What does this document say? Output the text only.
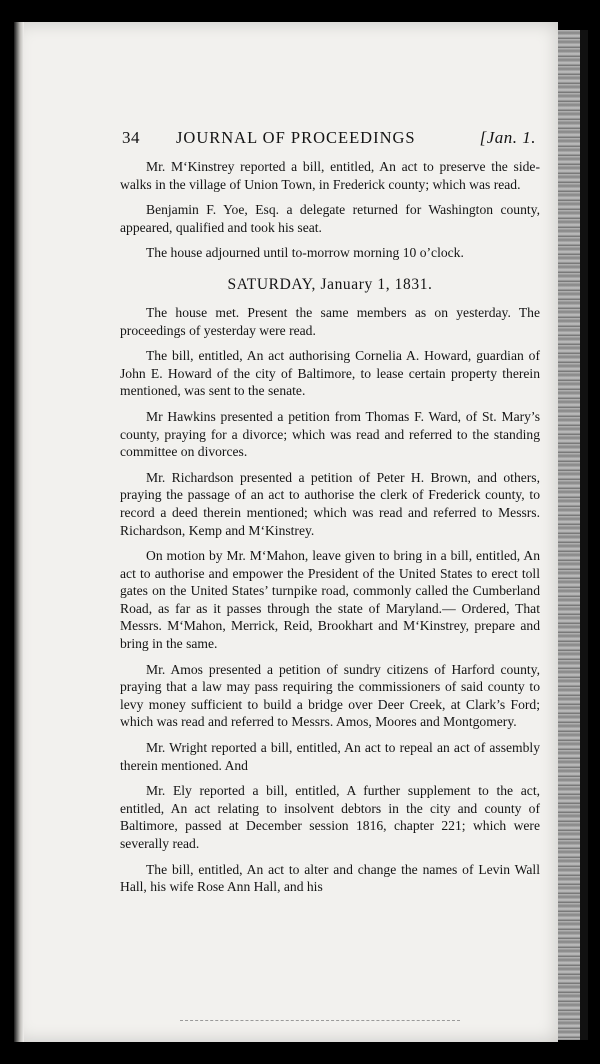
34 JOURNAL OF PROCEEDINGS	[Jan. 1.

Mr. M‘Kinstrey reported a bill, entitled, An act to preserve the side-walks in the village of Union Town, in Frederick county; which was read.

Benjamin F. Yoe, Esq. a delegate returned for Washington county, appeared, qualified and took his seat.

The house adjourned until to-morrow morning 10 o’clock.

SATURDAY, January 1, 1831.

The house met. Present the same members as on yesterday. The proceedings of yesterday were read.

The bill, entitled, An act authorising Cornelia A. Howard, guardian of John E. Howard of the city of Baltimore, to lease certain property therein mentioned, was sent to the senate.

Mr Hawkins presented a petition from Thomas F. Ward, of St. Mary’s county, praying for a divorce; which was read and referred to the standing committee on divorces.

Mr. Richardson presented a petition of Peter H. Brown, and others, praying the passage of an act to authorise the clerk of Frederick county, to record a deed therein mentioned; which was read and referred to Messrs. Richardson, Kemp and M‘Kinstrey.

On motion by Mr. M‘Mahon, leave given to bring in a bill, entitled, An act to authorise and empower the President of the United States to erect toll gates on the United States’ turnpike road, commonly called the Cumberland Road, as far as it passes through the state of Maryland.— Ordered, That Messrs. M‘Mahon, Merrick, Reid, Brookhart and M‘Kinstrey, prepare and bring in the same.

Mr. Amos presented a petition of sundry citizens of Harford county, praying that a law may pass requiring the commissioners of said county to levy money sufficient to build a bridge over Deer Creek, at Clark’s Ford; which was read and referred to Messrs. Amos, Moores and Montgomery.

Mr. Wright reported a bill, entitled, An act to repeal an act of assembly therein mentioned. And

Mr. Ely reported a bill, entitled, A further supplement to the act, entitled, An act relating to insolvent debtors in the city and county of Baltimore, passed at December session 1816, chapter 221; which were severally read.

The bill, entitled, An act to alter and change the names of Levin Wall Hall, his wife Rose Ann Hall, and his
